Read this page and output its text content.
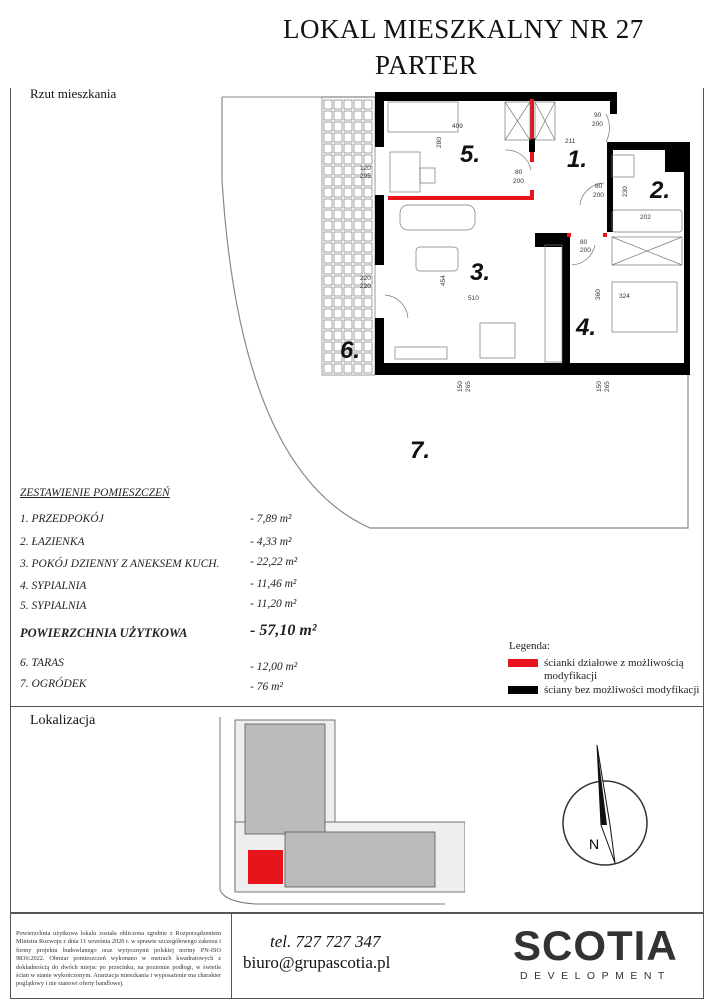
LOKAL MIESZKALNY NR 27
PARTER
Rzut mieszkania
1.
2.
3.
4.
5.
6.
7.
409
211
90
200
80
200
80
200
80
200
120
205
220
220
280
454
510	360	324
230
202
150 265	150 265
ZESTAWIENIE POMIESZCZEŃ
1. PRZEDPOKÓJ	- 7,89 m²
2. ŁAZIENKA	- 4,33 m²
3. POKÓJ DZIENNY Z ANEKSEM KUCH.	- 22,22 m²
4. SYPIALNIA	- 11,46 m²
5. SYPIALNIA	- 11,20 m²
POWIERZCHNIA UŻYTKOWA	- 57,10 m²
6. TARAS	- 12,00 m²
7. OGRÓDEK	- 76 m²
Legenda:
ścianki działowe z możliwością modyfikacji
ściany bez możliwości modyfikacji
Lokalizacja
N
Powierzchnia użytkowa lokalu została obliczona zgodnie z Rozporządzeniem Ministra Rozwoju z dnia 11 września 2020 r. w sprawie szczegółowego zakresu i formy projektu budowlanego oraz wytycznymi polskiej normy PN-ISO 9836:2022. Obmiar pomieszczeń wykonano w metrach kwadratowych z dokładnością do dwóch miejsc po przecinku, na poziomie podłogi, w świetle ścian w stanie wykończonym. Aranżacja mieszkania i wyposażenie ma charakter poglądowy i nie stanowi oferty handlowej.
tel. 727 727 347
biuro@grupascotia.pl	SCOTIA
DEVELOPMENT
